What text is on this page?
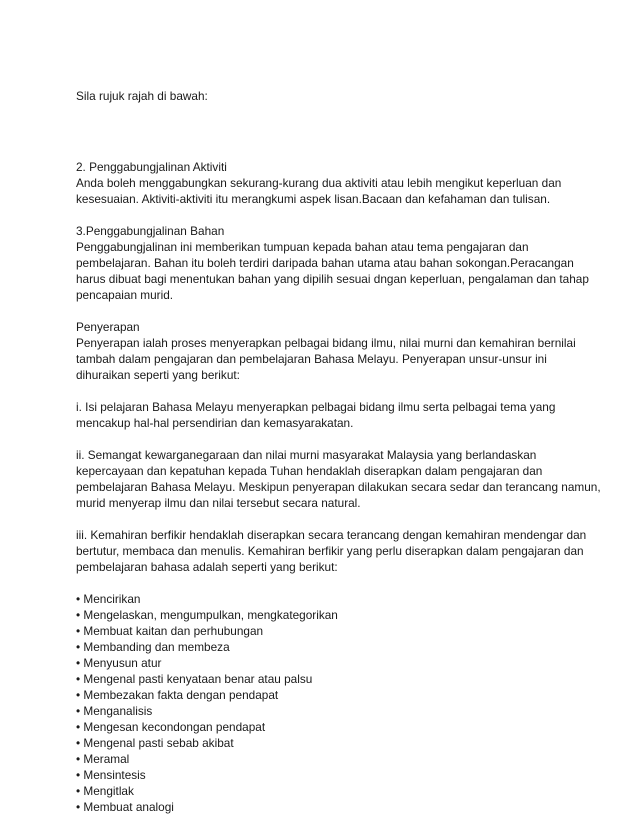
Sila rujuk rajah di bawah:
2. Penggabungjalinan Aktiviti
Anda boleh menggabungkan sekurang-kurang dua aktiviti atau lebih mengikut keperluan dan
kesesuaian. Aktiviti-aktiviti itu merangkumi aspek lisan.Bacaan dan kefahaman dan tulisan.
3.Penggabungjalinan Bahan
Penggabungjalinan ini memberikan tumpuan kepada bahan atau tema pengajaran dan
pembelajaran. Bahan itu boleh terdiri daripada bahan utama atau bahan sokongan.Peracangan
harus dibuat bagi menentukan bahan yang dipilih sesuai dngan keperluan, pengalaman dan tahap
pencapaian murid.
Penyerapan
Penyerapan ialah proses menyerapkan pelbagai bidang ilmu, nilai murni dan kemahiran bernilai
tambah dalam pengajaran dan pembelajaran Bahasa Melayu. Penyerapan unsur-unsur ini
dihuraikan seperti yang berikut:
i. Isi pelajaran Bahasa Melayu menyerapkan pelbagai bidang ilmu serta pelbagai tema yang
mencakup hal-hal persendirian dan kemasyarakatan.
ii. Semangat kewarganegaraan dan nilai murni masyarakat Malaysia yang berlandaskan
kepercayaan dan kepatuhan kepada Tuhan hendaklah diserapkan dalam pengajaran dan
pembelajaran Bahasa Melayu. Meskipun penyerapan dilakukan secara sedar dan terancang namun,
murid menyerap ilmu dan nilai tersebut secara natural.
iii. Kemahiran berfikir hendaklah diserapkan secara terancang dengan kemahiran mendengar dan
bertutur, membaca dan menulis. Kemahiran berfikir yang perlu diserapkan dalam pengajaran dan
pembelajaran bahasa adalah seperti yang berikut:
• Mencirikan
• Mengelaskan, mengumpulkan, mengkategorikan
• Membuat kaitan dan perhubungan
• Membanding dan membeza
• Menyusun atur
• Mengenal pasti kenyataan benar atau palsu
• Membezakan fakta dengan pendapat
• Menganalisis
• Mengesan kecondongan pendapat
• Mengenal pasti sebab akibat
• Meramal
• Mensintesis
• Mengitlak
• Membuat analogi
